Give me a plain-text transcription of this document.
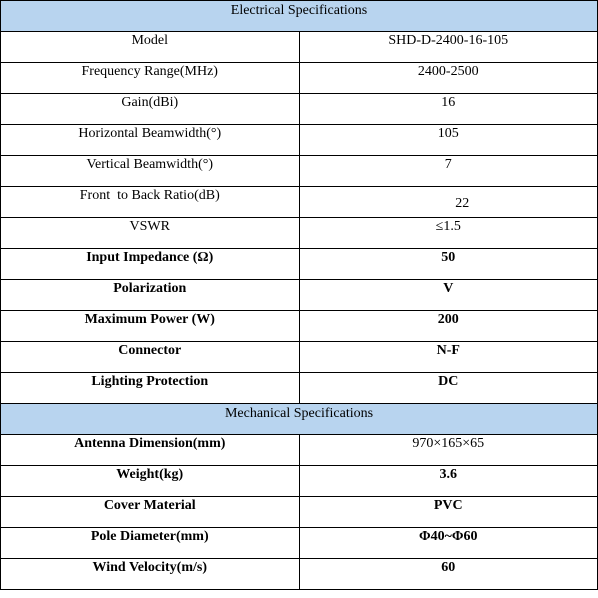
Electrical Specifications	
Model	SHD-D-2400-16-105
Frequency Range(MHz)	2400-2500
Gain(dBi)	16
Horizontal Beamwidth(°)	105
Vertical Beamwidth(°)	7
Front  to Back Ratio(dB)	22
VSWR	≤1.5
Input Impedance (Ω)	50
Polarization	V
Maximum Power (W)	200
Connector	N-F
Lighting Protection	DC
Mechanical Specifications	
Antenna Dimension(mm)	970×165×65
Weight(kg)	3.6
Cover Material	PVC
Pole Diameter(mm)	Φ40~Φ60
Wind Velocity(m/s)	60
